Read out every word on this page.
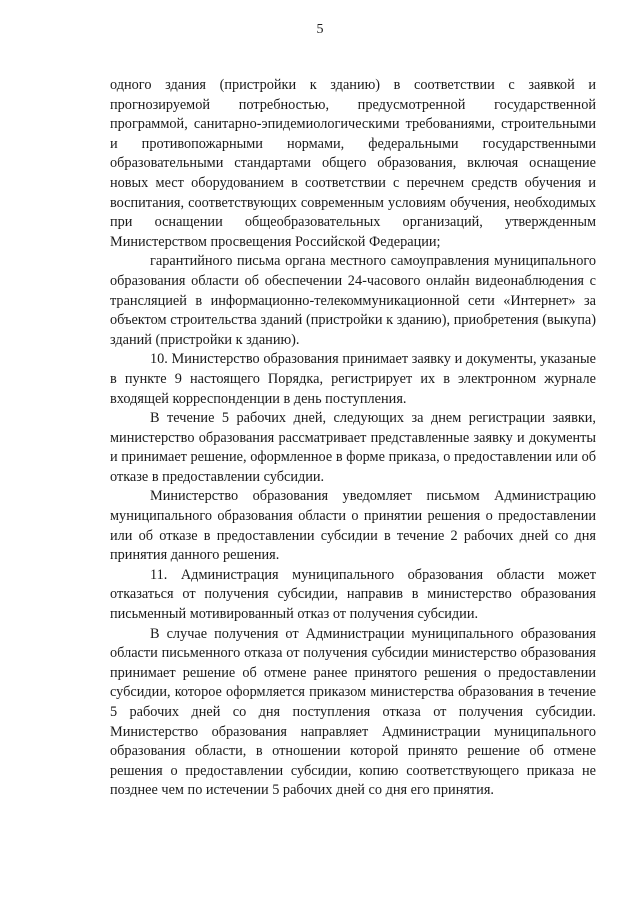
5

одного здания (пристройки к зданию) в соответствии с заявкой и прогнозируемой потребностью, предусмотренной государственной программой, санитарно-эпидемиологическими требованиями, строительными и противопожарными нормами, федеральными государственными образовательными стандартами общего образования, включая оснащение новых мест оборудованием в соответствии с перечнем средств обучения и воспитания, соответствующих современным условиям обучения, необходимых при оснащении общеобразовательных организаций, утвержденным Министерством просвещения Российской Федерации;

гарантийного письма органа местного самоуправления муниципального образования области об обеспечении 24-часового онлайн видеонаблюдения с трансляцией в информационно-телекоммуникационной сети «Интернет» за объектом строительства зданий (пристройки к зданию), приобретения (выкупа) зданий (пристройки к зданию).

10. Министерство образования принимает заявку и документы, указаные в пункте 9 настоящего Порядка, регистрирует их в электронном журнале входящей корреспонденции в день поступления.

В течение 5 рабочих дней, следующих за днем регистрации заявки, министерство образования рассматривает представленные заявку и документы и принимает решение, оформленное в форме приказа, о предоставлении или об отказе в предоставлении субсидии.

Министерство образования уведомляет письмом Администрацию муниципального образования области о принятии решения о предоставлении или об отказе в предоставлении субсидии в течение 2 рабочих дней со дня принятия данного решения.

11. Администрация муниципального образования области может отказаться от получения субсидии, направив в министерство образования письменный мотивированный отказ от получения субсидии.

В случае получения от Администрации муниципального образования области письменного отказа от получения субсидии министерство образования принимает решение об отмене ранее принятого решения о предоставлении субсидии, которое оформляется приказом министерства образования в течение 5 рабочих дней со дня поступления отказа от получения субсидии. Министерство образования направляет Администрации муниципального образования области, в отношении которой принято решение об отмене решения о предоставлении субсидии, копию соответствующего приказа не позднее чем по истечении 5 рабочих дней со дня его принятия.
